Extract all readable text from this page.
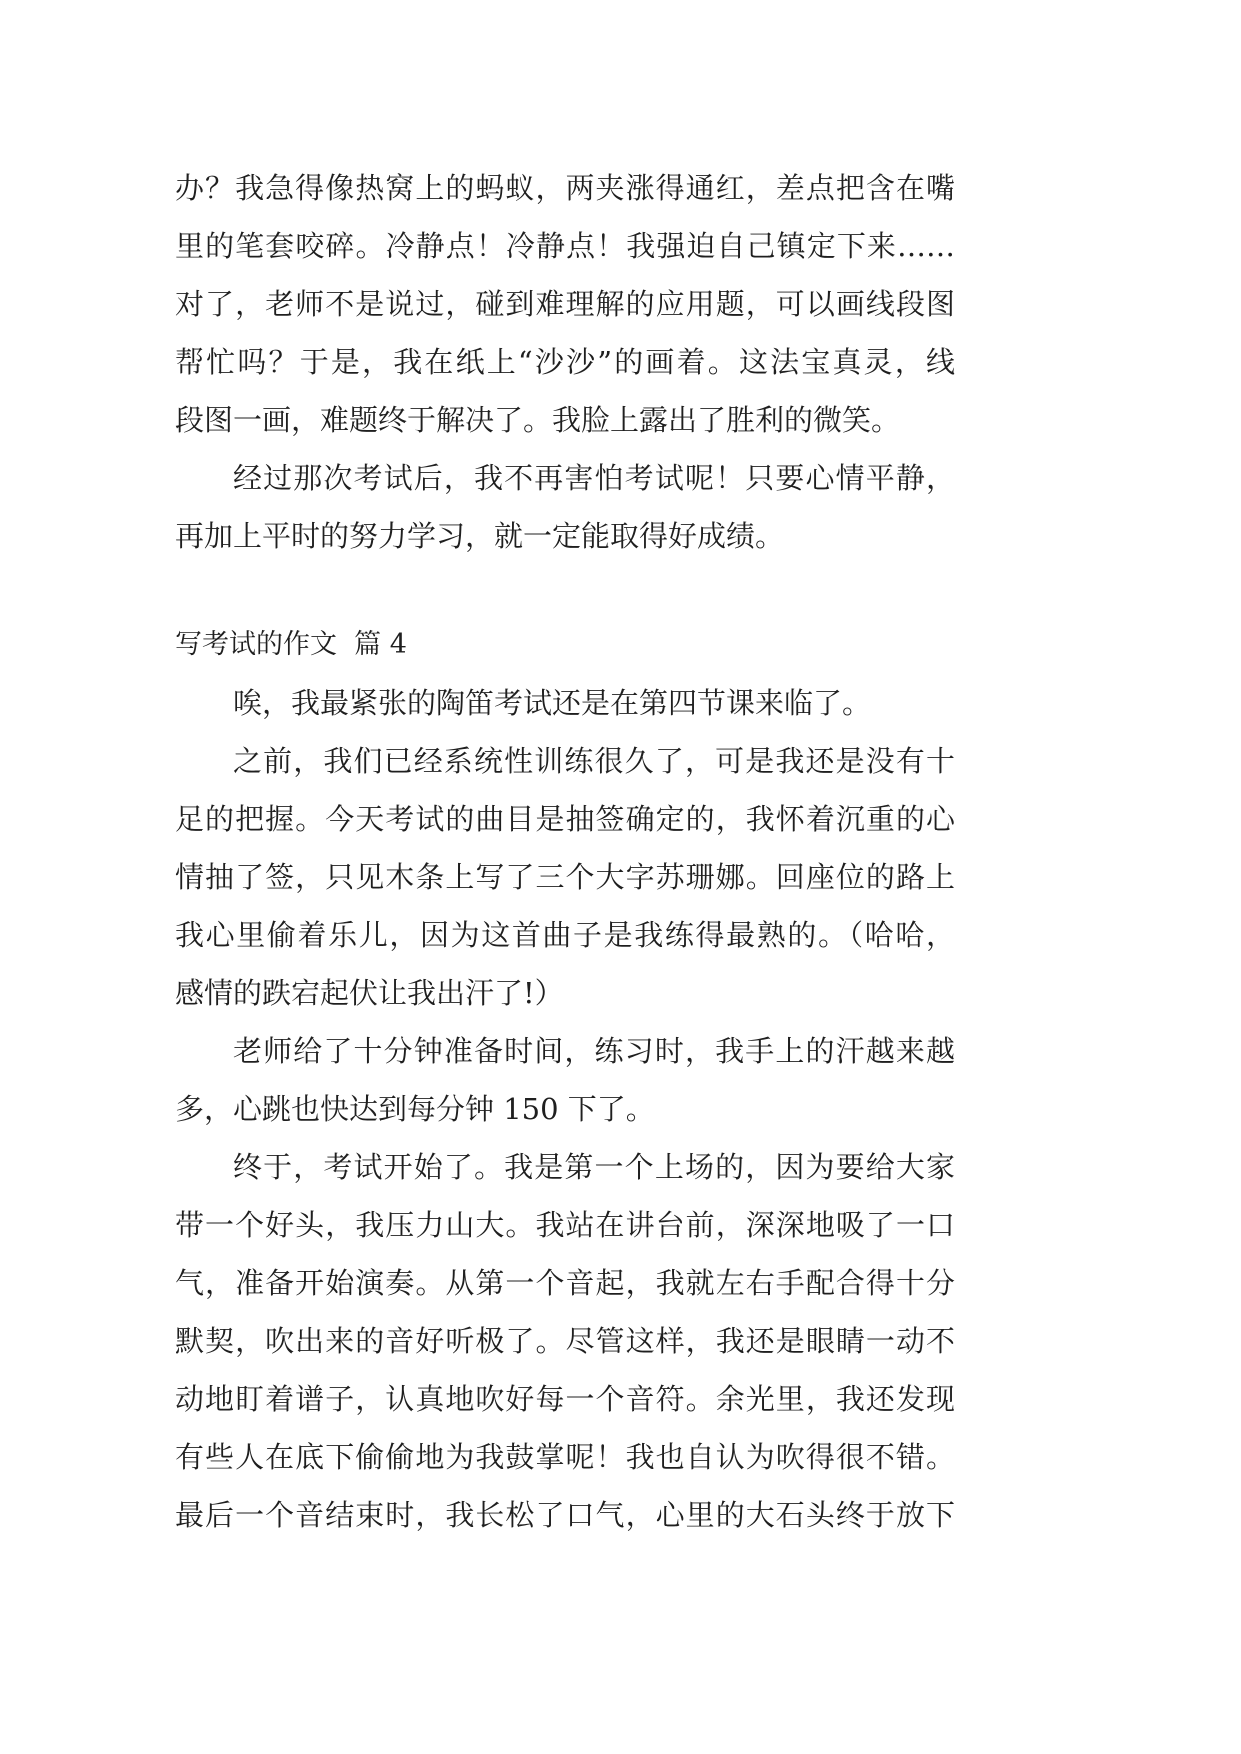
办？我急得像热窝上的蚂蚁，两夹涨得通红，差点把含在嘴
里的笔套咬碎。冷静点！冷静点！我强迫自己镇定下来……
对了，老师不是说过，碰到难理解的应用题，可以画线段图
帮忙吗？于是，我在纸上“沙沙”的画着。这法宝真灵，线
段图一画，难题终于解决了。我脸上露出了胜利的微笑。
经过那次考试后，我不再害怕考试呢！只要心情平静，
再加上平时的努力学习，就一定能取得好成绩。
写考试的作文  篇 4
唉，我最紧张的陶笛考试还是在第四节课来临了。
之前，我们已经系统性训练很久了，可是我还是没有十
足的把握。今天考试的曲目是抽签确定的，我怀着沉重的心
情抽了签，只见木条上写了三个大字苏珊娜。回座位的路上
我心里偷着乐儿，因为这首曲子是我练得最熟的。（哈哈，
感情的跌宕起伏让我出汗了!）
老师给了十分钟准备时间，练习时，我手上的汗越来越
多，心跳也快达到每分钟 150 下了。
终于，考试开始了。我是第一个上场的，因为要给大家
带一个好头，我压力山大。我站在讲台前，深深地吸了一口
气，准备开始演奏。从第一个音起，我就左右手配合得十分
默契，吹出来的音好听极了。尽管这样，我还是眼睛一动不
动地盯着谱子，认真地吹好每一个音符。余光里，我还发现
有些人在底下偷偷地为我鼓掌呢！我也自认为吹得很不错。
最后一个音结束时，我长松了口气，心里的大石头终于放下
